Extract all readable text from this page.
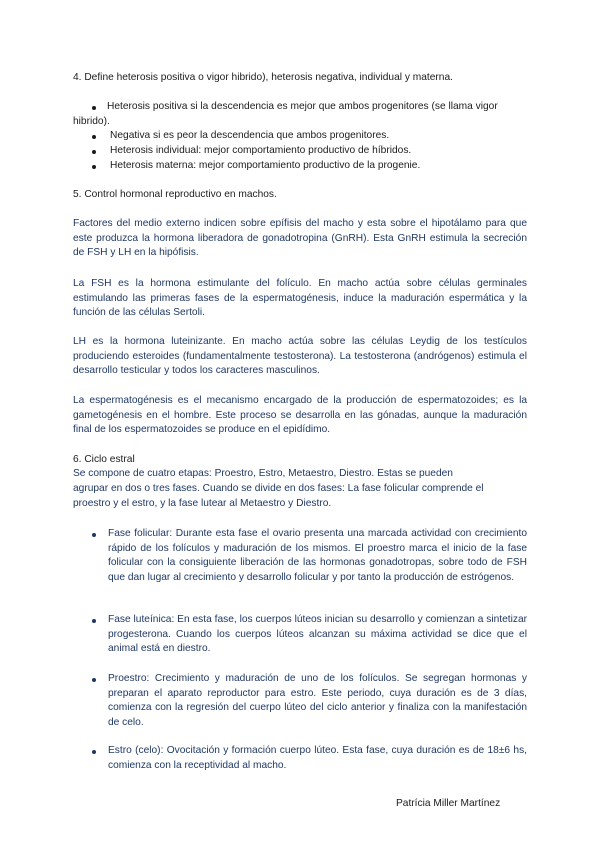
4. Define heterosis positiva o vigor hibrido), heterosis negativa, individual y materna.

Heterosis positiva si la descendencia es mejor que ambos progenitores (se llama vigor hibrido).

Negativa si es peor la descendencia que ambos progenitores.

Heterosis individual: mejor comportamiento productivo de híbridos.

Heterosis materna: mejor comportamiento productivo de la progenie.

5. Control hormonal reproductivo en machos.

Factores del medio externo indicen sobre epífisis del macho y esta sobre el hipotálamo para que este produzca la hormona liberadora de gonadotropina (GnRH). Esta GnRH estimula la secreción de FSH y LH en la hipófisis.

La FSH es la hormona estimulante del folículo. En macho actúa sobre células germinales estimulando las primeras fases de la espermatogénesis, induce la maduración espermática y la función de las células Sertoli.

LH es la hormona luteinizante. En macho actúa sobre las células Leydig de los testículos produciendo esteroides (fundamentalmente testosterona). La testosterona (andrógenos) estimula el desarrollo testicular y todos los caracteres masculinos.

La espermatogénesis es el mecanismo encargado de la producción de espermatozoides; es la gametogénesis en el hombre. Este proceso se desarrolla en las gónadas, aunque la maduración final de los espermatozoides se produce en el epidídimo.

6. Ciclo estral

Se compone de cuatro etapas: Proestro, Estro, Metaestro, Diestro. Estas se pueden

agrupar en dos o tres fases. Cuando se divide en dos fases: La fase folicular comprende el

proestro y el estro, y la fase lutear al Metaestro y Diestro.

Fase folicular: Durante esta fase el ovario presenta una marcada actividad con crecimiento rápido de los folículos y maduración de los mismos. El proestro marca el inicio de la fase folicular con la consiguiente liberación de las hormonas gonadotropas, sobre todo de FSH que dan lugar al crecimiento y desarrollo folicular y por tanto la producción de estrógenos.

Fase luteínica: En esta fase, los cuerpos lúteos inician su desarrollo y comienzan a sintetizar progesterona. Cuando los cuerpos lúteos alcanzan su máxima actividad se dice que el animal está en diestro.

Proestro: Crecimiento y maduración de uno de los folículos. Se segregan hormonas y preparan el aparato reproductor para estro. Este periodo, cuya duración es de 3 días, comienza con la regresión del cuerpo lúteo del ciclo anterior y finaliza con la manifestación de celo.

Estro (celo): Ovocitación y formación cuerpo lúteo. Esta fase, cuya duración es de 18±6 hs, comienza con la receptividad al macho.

Patrícia Miller Martínez
